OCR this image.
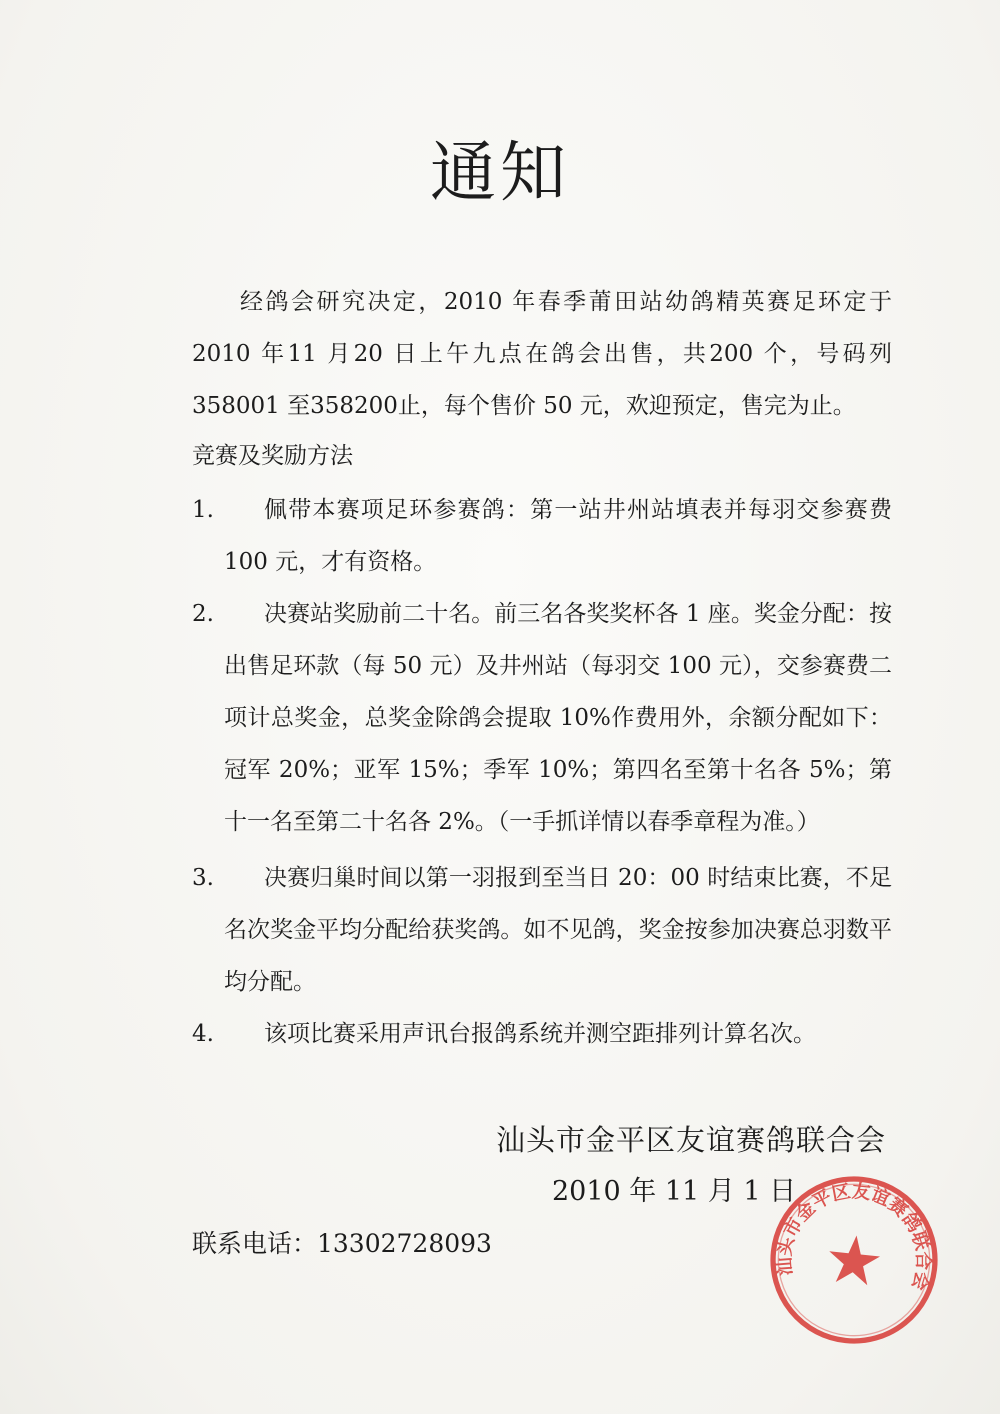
通知
经鸽会研究决定，2010 年春季莆田站幼鸽精英赛足环定于 2010 年11 月20 日上午九点在鸽会出售，共200 个，号码列358001 至358200止，每个售价 50 元，欢迎预定，售完为止。
竞赛及奖励方法
1.	佩带本赛项足环参赛鸽：第一站井州站填表并每羽交参赛费100 元，才有资格。
2.	决赛站奖励前二十名。前三名各奖奖杯各 1 座。奖金分配：按出售足环款（每 50 元）及井州站（每羽交 100 元），交参赛费二项计总奖金，总奖金除鸽会提取 10%作费用外，余额分配如下：冠军 20%；亚军 15%；季军 10%；第四名至第十名各 5%；第十一名至第二十名各 2%。（一手抓详情以春季章程为准。）
3.	决赛归巢时间以第一羽报到至当日 20：00 时结束比赛，不足名次奖金平均分配给获奖鸽。如不见鸽，奖金按参加决赛总羽数平均分配。
4.	该项比赛采用声讯台报鸽系统并测空距排列计算名次。
汕头市金平区友谊赛鸽联合会
2010 年 11 月 1 日
联系电话：13302728093
汕头市金平区友谊赛鸽联合会
